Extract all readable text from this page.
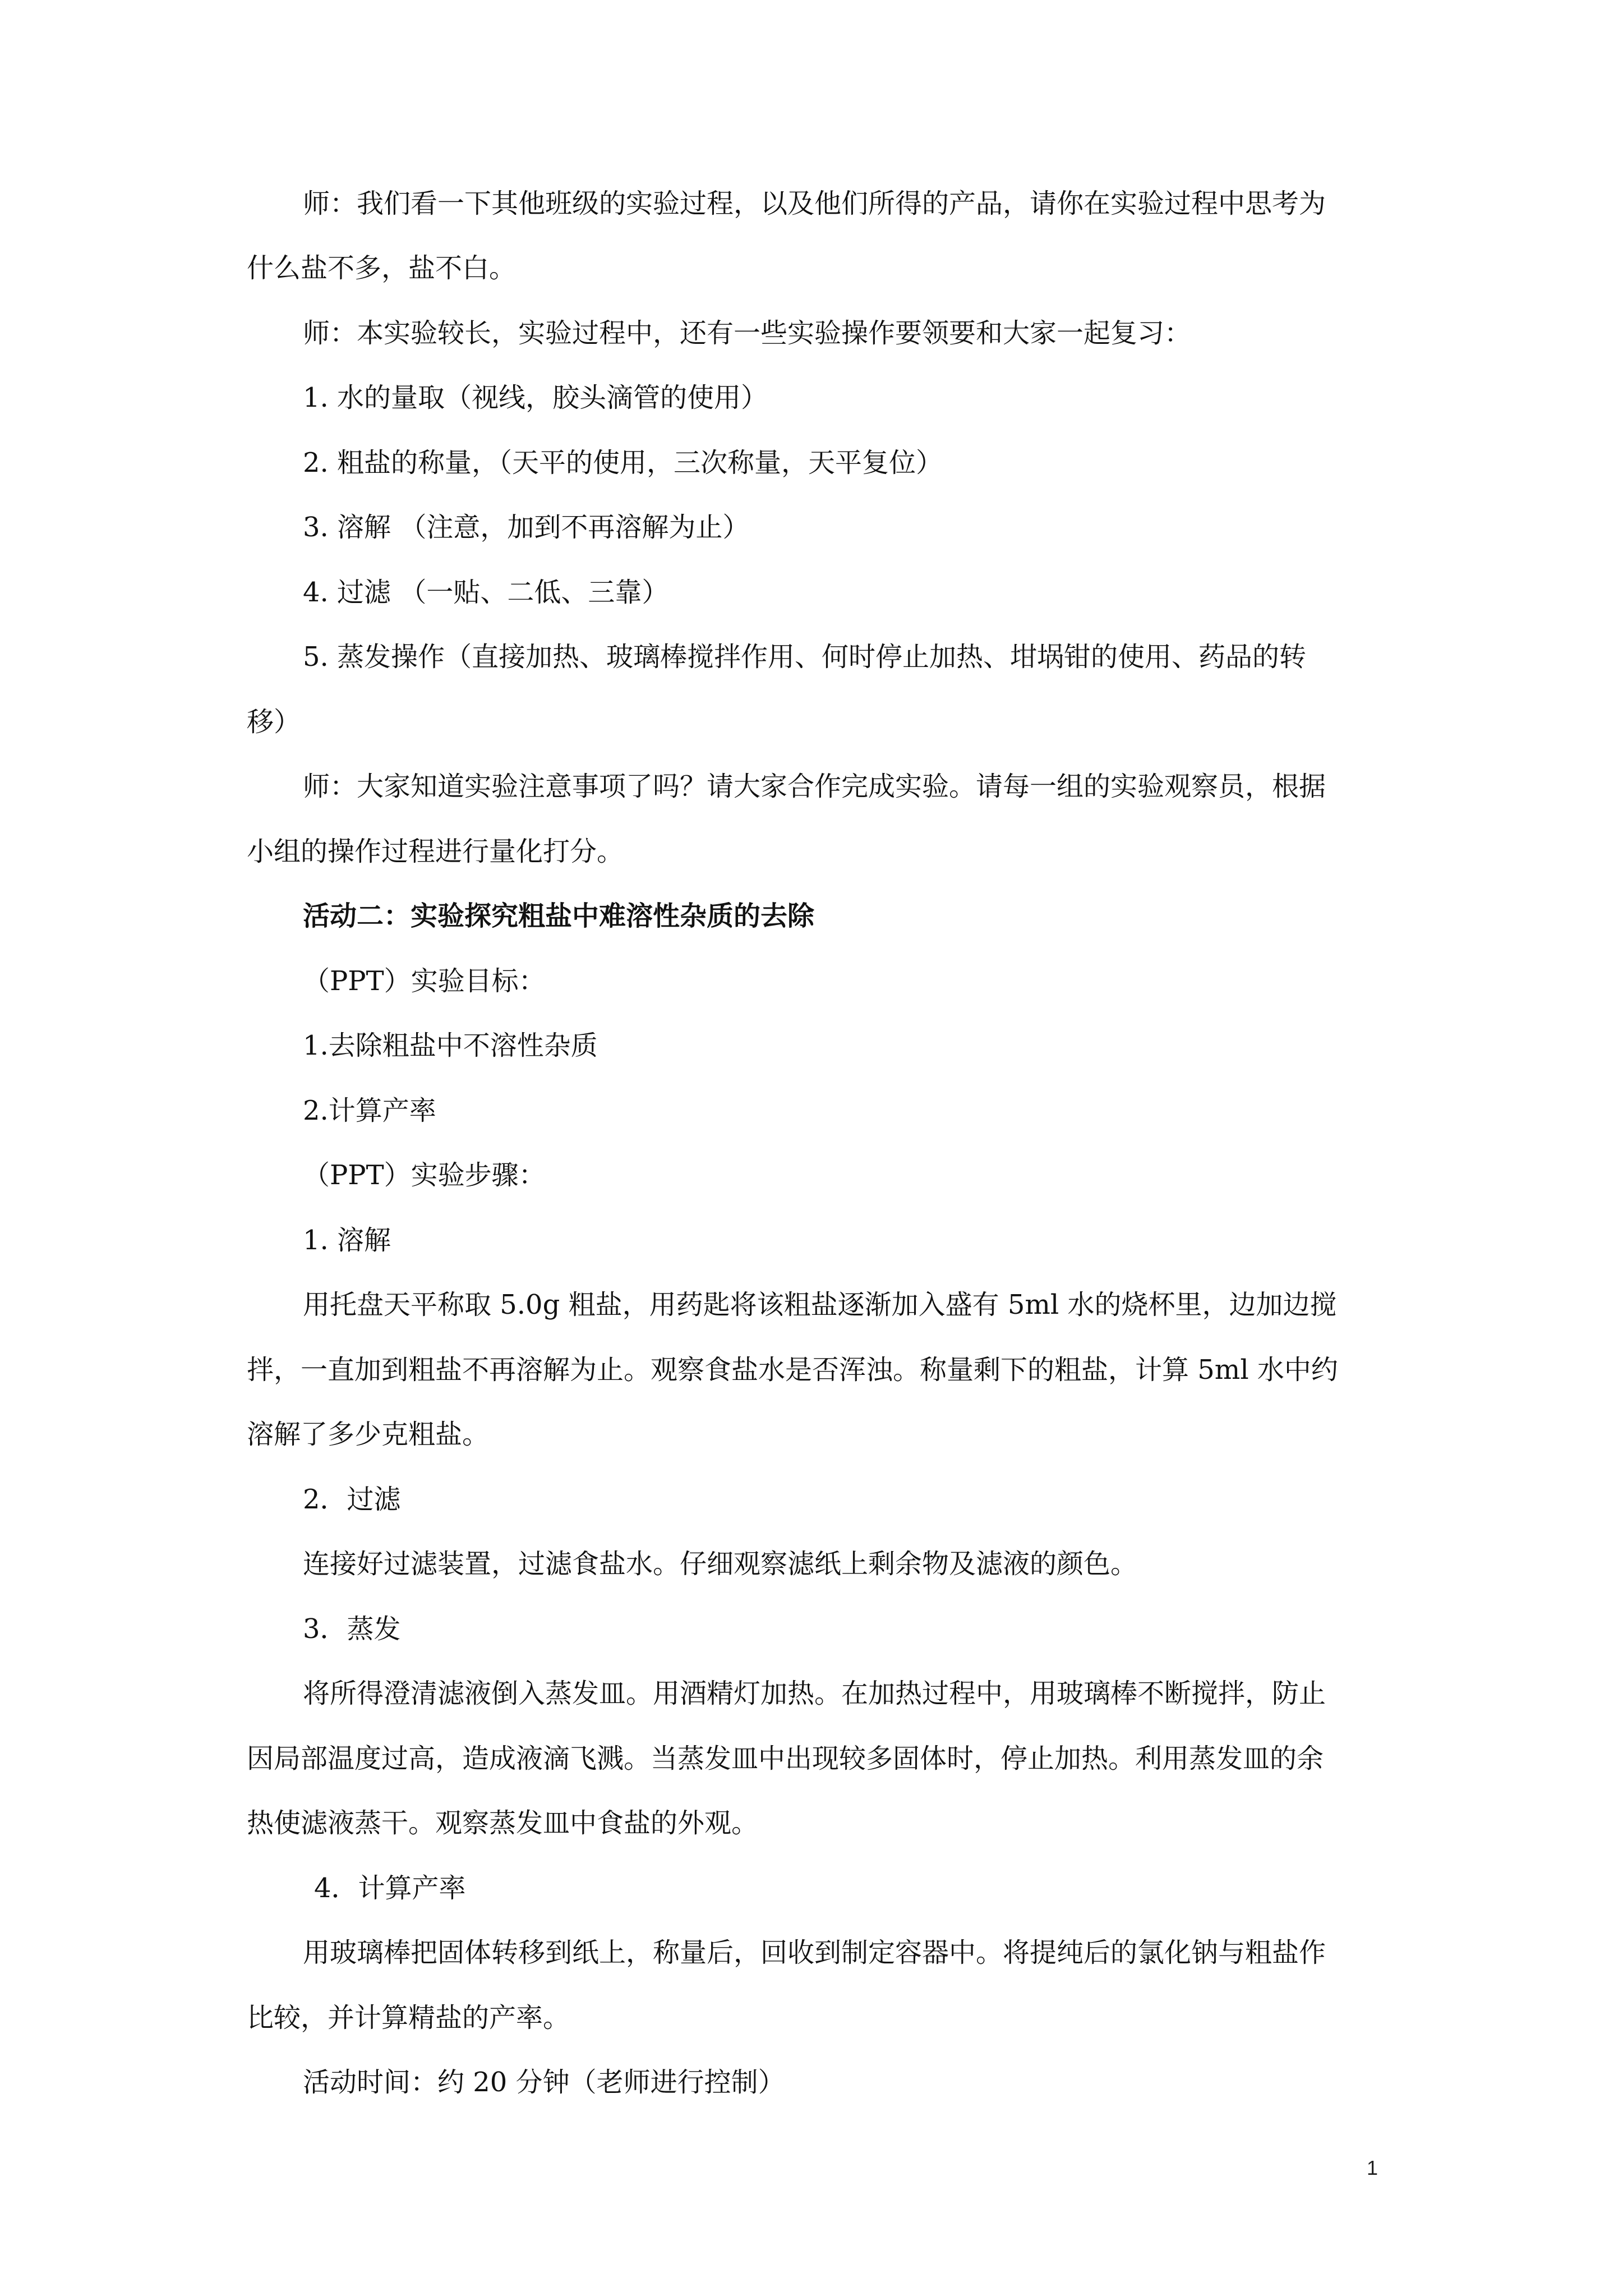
师：我们看一下其他班级的实验过程，以及他们所得的产品，请你在实验过程中思考为
什么盐不多，盐不白。
师：本实验较长，实验过程中，还有一些实验操作要领要和大家一起复习：
1. 水的量取（视线，胶头滴管的使用）
2. 粗盐的称量，（天平的使用，三次称量，天平复位）
3. 溶解 （注意，加到不再溶解为止）
4. 过滤 （一贴、二低、三靠）
5. 蒸发操作（直接加热、玻璃棒搅拌作用、何时停止加热、坩埚钳的使用、药品的转
移）
师：大家知道实验注意事项了吗？请大家合作完成实验。请每一组的实验观察员，根据
小组的操作过程进行量化打分。
活动二：实验探究粗盐中难溶性杂质的去除
（PPT）实验目标：
1.去除粗盐中不溶性杂质
2.计算产率
（PPT）实验步骤：
1. 溶解
用托盘天平称取 5.0g 粗盐，用药匙将该粗盐逐渐加入盛有 5ml 水的烧杯里，边加边搅
拌，一直加到粗盐不再溶解为止。观察食盐水是否浑浊。称量剩下的粗盐，计算 5ml 水中约
溶解了多少克粗盐。
2．过滤
连接好过滤装置，过滤食盐水。仔细观察滤纸上剩余物及滤液的颜色。
3．蒸发
将所得澄清滤液倒入蒸发皿。用酒精灯加热。在加热过程中，用玻璃棒不断搅拌，防止
因局部温度过高，造成液滴飞溅。当蒸发皿中出现较多固体时，停止加热。利用蒸发皿的余
热使滤液蒸干。观察蒸发皿中食盐的外观。
4．计算产率
用玻璃棒把固体转移到纸上，称量后，回收到制定容器中。将提纯后的氯化钠与粗盐作
比较，并计算精盐的产率。
活动时间：约 20 分钟（老师进行控制）
1
